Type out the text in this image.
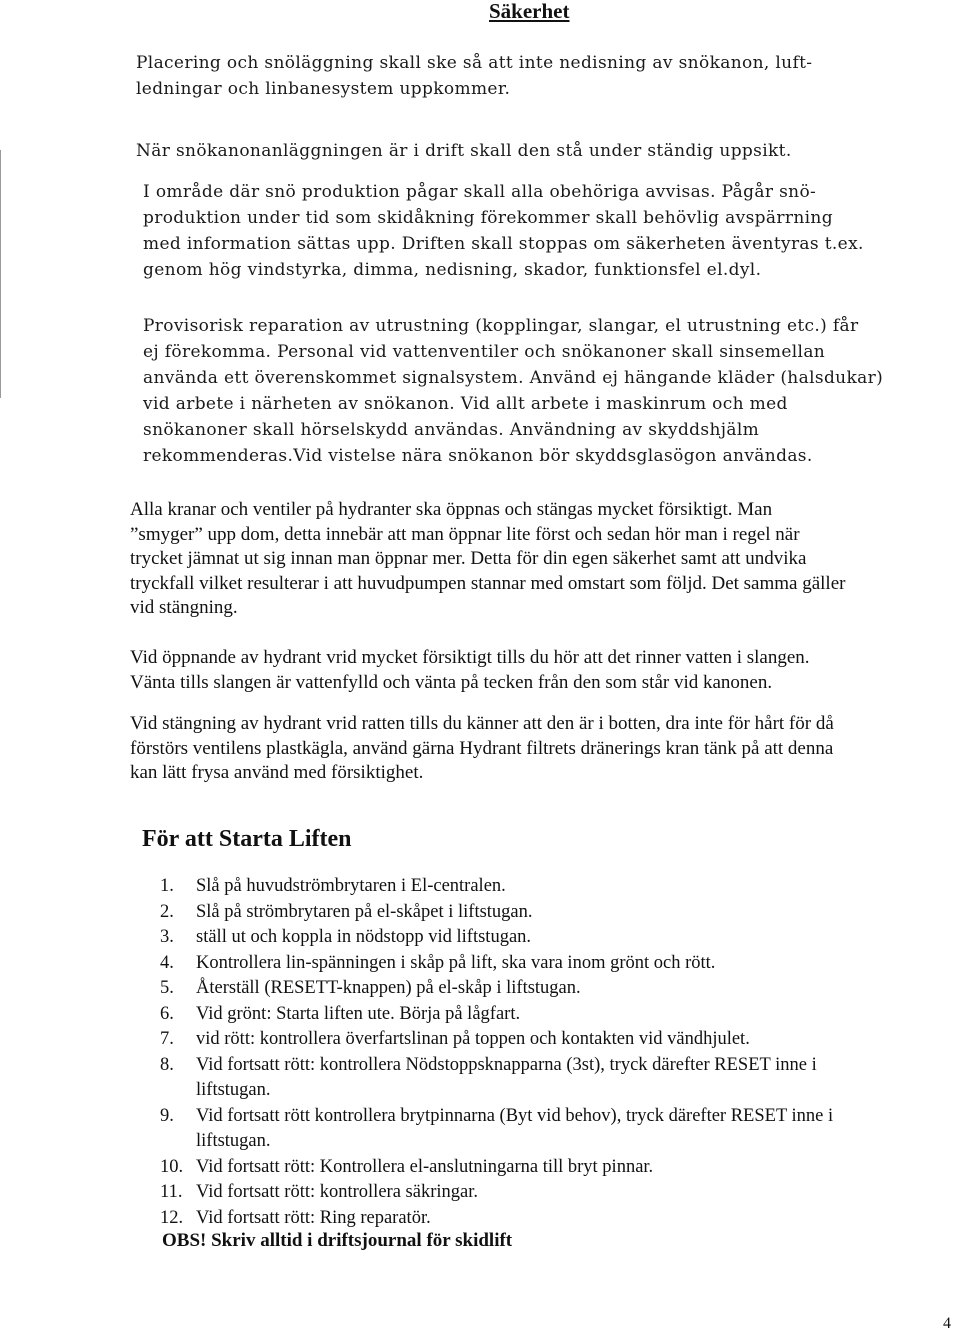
Säkerhet

Placering och snöläggning skall ske så att inte nedisning av snökanon, luft-

ledningar och linbanesystem uppkommer.

När snökanonanläggningen är i drift skall den stå under ständig uppsikt.

I område där snö produktion pågar skall alla obehöriga avvisas. Pågår snö-

produktion under tid som skidåkning förekommer skall behövlig avspärrning

med information sättas upp. Driften skall stoppas om säkerheten äventyras t.ex.

genom hög vindstyrka, dimma, nedisning, skador, funktionsfel el.dyl.

Provisorisk reparation av utrustning (kopplingar, slangar, el utrustning etc.) får

ej förekomma. Personal vid vattenventiler och snökanoner skall sinsemellan

använda ett överenskommet signalsystem. Använd ej hängande kläder (halsdukar)

vid arbete i närheten av snökanon. Vid allt arbete i maskinrum och med

snökanoner skall hörselskydd användas. Användning av skyddshjälm

rekommenderas.Vid vistelse nära snökanon bör skyddsglasögon användas.

Alla kranar och ventiler på hydranter ska öppnas och stängas mycket försiktigt. Man

”smyger” upp dom, detta innebär att man öppnar lite först och sedan hör man i regel när

trycket jämnat ut sig innan man öppnar mer. Detta för din egen säkerhet samt att undvika

tryckfall vilket resulterar i att huvudpumpen stannar med omstart som följd. Det samma gäller

vid stängning.

Vid öppnande av hydrant vrid mycket försiktigt tills du hör att det rinner vatten i slangen.

Vänta tills slangen är vattenfylld och vänta på tecken från den som står vid kanonen.

Vid stängning av hydrant vrid ratten tills du känner att den är i botten, dra inte för hårt för då

förstörs ventilens plastkägla, använd gärna Hydrant filtrets dränerings kran tänk på att denna

kan lätt frysa använd med försiktighet.

För att Starta Liften
1.	Slå på huvudströmbrytaren i El-centralen.
2.	Slå på strömbrytaren på el-skåpet i liftstugan.
3.	ställ ut och koppla in nödstopp vid liftstugan.
4.	Kontrollera lin-spänningen i skåp på lift, ska vara inom grönt och rött.
5.	Återställ (RESETT-knappen) på el-skåp i liftstugan.
6.	Vid grönt: Starta liften ute. Börja på lågfart.
7.	vid rött: kontrollera överfartslinan på toppen och kontakten vid vändhjulet.
8.	Vid fortsatt rött: kontrollera Nödstoppsknapparna (3st), tryck därefter RESET inne i
liftstugan.
9.	Vid fortsatt rött kontrollera brytpinnarna (Byt vid behov), tryck därefter RESET inne i
liftstugan.
10. Vid fortsatt rött: Kontrollera el-anslutningarna till bryt pinnar.
11. Vid fortsatt rött: kontrollera säkringar.
12. Vid fortsatt rött: Ring reparatör.

OBS! Skriv alltid i driftsjournal för skidlift

4
